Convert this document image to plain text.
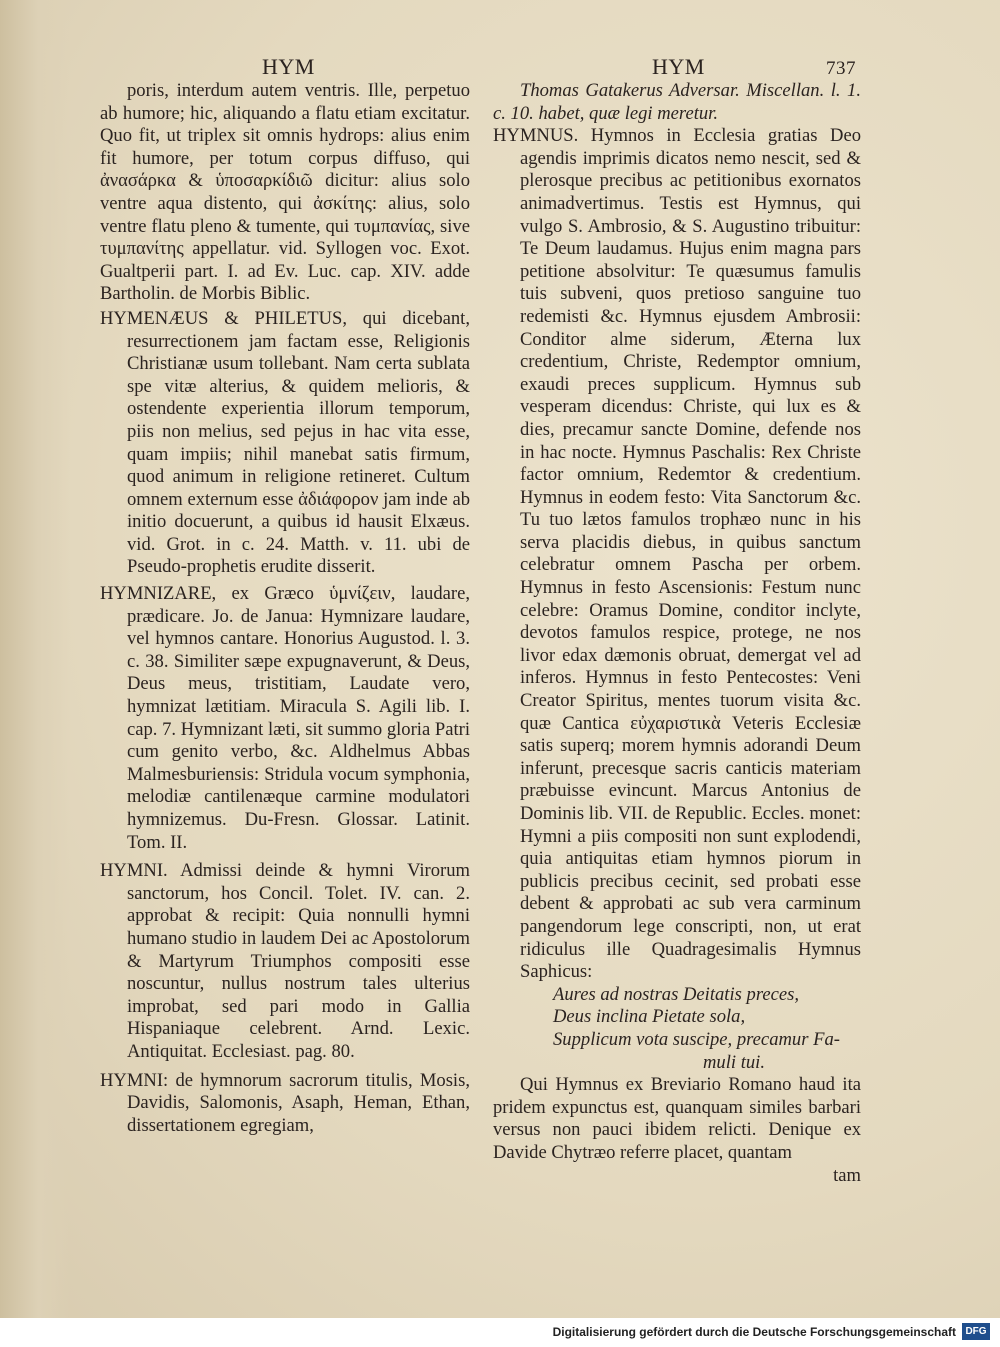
HYM	HYM	737

poris, interdum autem ventris. Ille, perpetuo ab humore; hic, aliquando a flatu etiam excitatur. Quo fit, ut triplex sit omnis hydrops: alius enim fit humore, per totum corpus diffuso, qui ἀνασάρκα & ὑποσαρκίδιῶ dicitur: alius solo ventre aqua distento, qui ἀσκίτης: alius, solo ventre flatu pleno & tumente, qui τυμπανίας, sive τυμπανίτης appellatur. vid. Syllogen voc. Exot. Gualtperii part. I. ad Ev. Luc. cap. XIV. adde Bartholin. de Morbis Biblic.

HYMENÆUS & PHILETUS, qui dicebant, resurrectionem jam factam esse, Religionis Christianæ usum tollebant. Nam certa sublata spe vitæ alterius, & quidem melioris, & ostendente experientia illorum temporum, piis non melius, sed pejus in hac vita esse, quam impiis; nihil manebat satis firmum, quod animum in religione retineret. Cultum omnem externum esse ἀδιάφορον jam inde ab initio docuerunt, a quibus id hausit Elxæus. vid. Grot. in c. 24. Matth. v. 11. ubi de Pseudo-prophetis erudite disserit.

HYMNIZARE, ex Græco ὑμνίζειν, laudare, prædicare. Jo. de Janua: Hymnizare laudare, vel hymnos cantare. Honorius Augustod. l. 3. c. 38. Similiter sæpe expugnaverunt, & Deus, Deus meus, tristitiam, Laudate vero, hymnizat lætitiam. Miracula S. Agili lib. I. cap. 7. Hymnizant læti, sit summo gloria Patri cum genito verbo, &c. Aldhelmus Abbas Malmesburiensis: Stridula vocum symphonia, melodiæ cantilenæque carmine modulatori hymnizemus. Du-Fresn. Glossar. Latinit. Tom. II.

HYMNI. Admissi deinde & hymni Virorum sanctorum, hos Concil. Tolet. IV. can. 2. approbat & recipit: Quia nonnulli hymni humano studio in laudem Dei ac Apostolorum & Martyrum Triumphos compositi esse noscuntur, nullus nostrum tales ulterius improbat, sed pari modo in Gallia Hispaniaque celebrent. Arnd. Lexic. Antiquitat. Ecclesiast. pag. 80.

HYMNI: de hymnorum sacrorum titulis, Mosis, Davidis, Salomonis, Asaph, Heman, Ethan, dissertationem egregiam,

Thomas Gatakerus Adversar. Miscellan. l. 1. c. 10. habet, quæ legi meretur.

HYMNUS. Hymnos in Ecclesia gratias Deo agendis imprimis dicatos nemo nescit, sed & plerosque precibus ac petitionibus exornatos animadvertimus. Testis est Hymnus, qui vulgo S. Ambrosio, & S. Augustino tribuitur: Te Deum laudamus. Hujus enim magna pars petitione absolvitur: Te quæsumus famulis tuis subveni, quos pretioso sanguine tuo redemisti &c. Hymnus ejusdem Ambrosii: Conditor alme siderum, Æterna lux credentium, Christe, Redemptor omnium, exaudi preces supplicum. Hymnus sub vesperam dicendus: Christe, qui lux es & dies, precamur sancte Domine, defende nos in hac nocte. Hymnus Paschalis: Rex Christe factor omnium, Redemtor & credentium. Hymnus in eodem festo: Vita Sanctorum &c. Tu tuo lætos famulos trophæo nunc in his serva placidis diebus, in quibus sanctum celebratur omnem Pascha per orbem. Hymnus in festo Ascensionis: Festum nunc celebre: Oramus Domine, conditor inclyte, devotos famulos respice, protege, ne nos livor edax dæmonis obruat, demergat vel ad inferos. Hymnus in festo Pentecostes: Veni Creator Spiritus, mentes tuorum visita &c. quæ Cantica εὐχαριστικὰ Veteris Ecclesiæ satis superq; morem hymnis adorandi Deum inferunt, precesque sacris canticis materiam præbuisse evincunt. Marcus Antonius de Dominis lib. VII. de Republic. Eccles. monet: Hymni a piis compositi non sunt explodendi, quia antiquitas etiam hymnos piorum in publicis precibus cecinit, sed probati esse debent & approbati ac sub vera carminum pangendorum lege conscripti, non, ut erat ridiculus ille Quadragesimalis Hymnus Saphicus:

Aures ad nostras Deitatis preces,
Deus inclina Pietate sola,
Supplicum vota suscipe, precamur Fa-
muli tui.

Qui Hymnus ex Breviario Romano haud ita pridem expunctus est, quanquam similes barbari versus non pauci ibidem relicti. Denique ex Davide Chytræo referre placet, quantam

tam

Digitalisierung gefördert durch die Deutsche Forschungsgemeinschaft DFG
